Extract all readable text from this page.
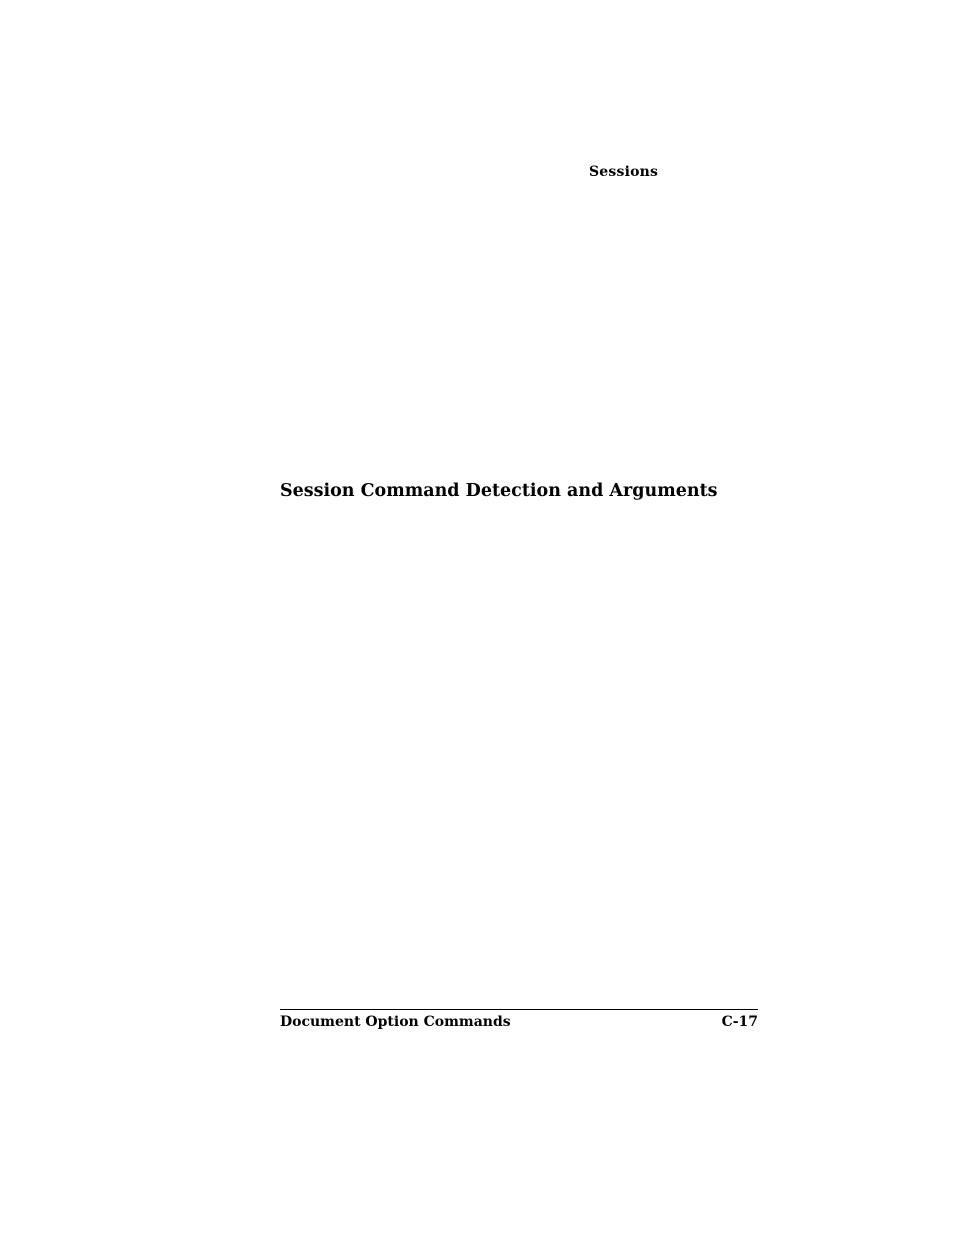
Sessions
Session Command Detection and Arguments
Document Option Commands	C-17
